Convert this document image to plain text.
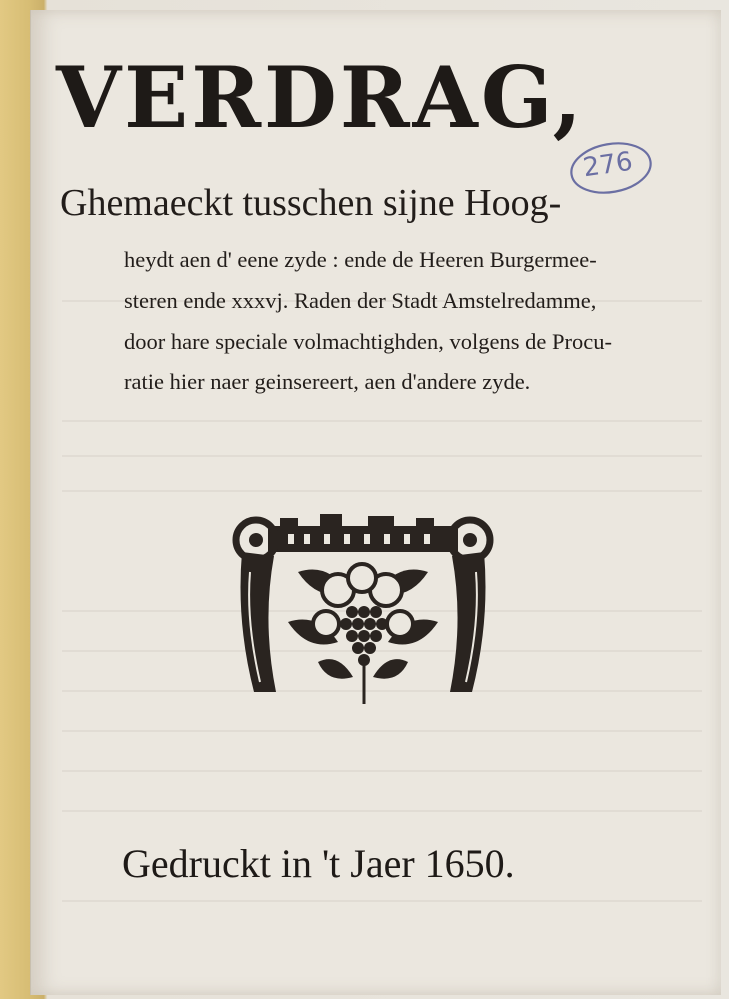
VERDRAG,

Ghemaeckt tusschen sijne Hoog-

heydt aen d' eene zyde : ende de Heeren Burgermee-

steren ende xxxvj. Raden der Stadt Amstelredamme,

door hare speciale volmachtighden, volgens de Procu-

ratie hier naer geinsereert, aen d'andere zyde.

276

Gedruckt in 't Jaer 1650.
